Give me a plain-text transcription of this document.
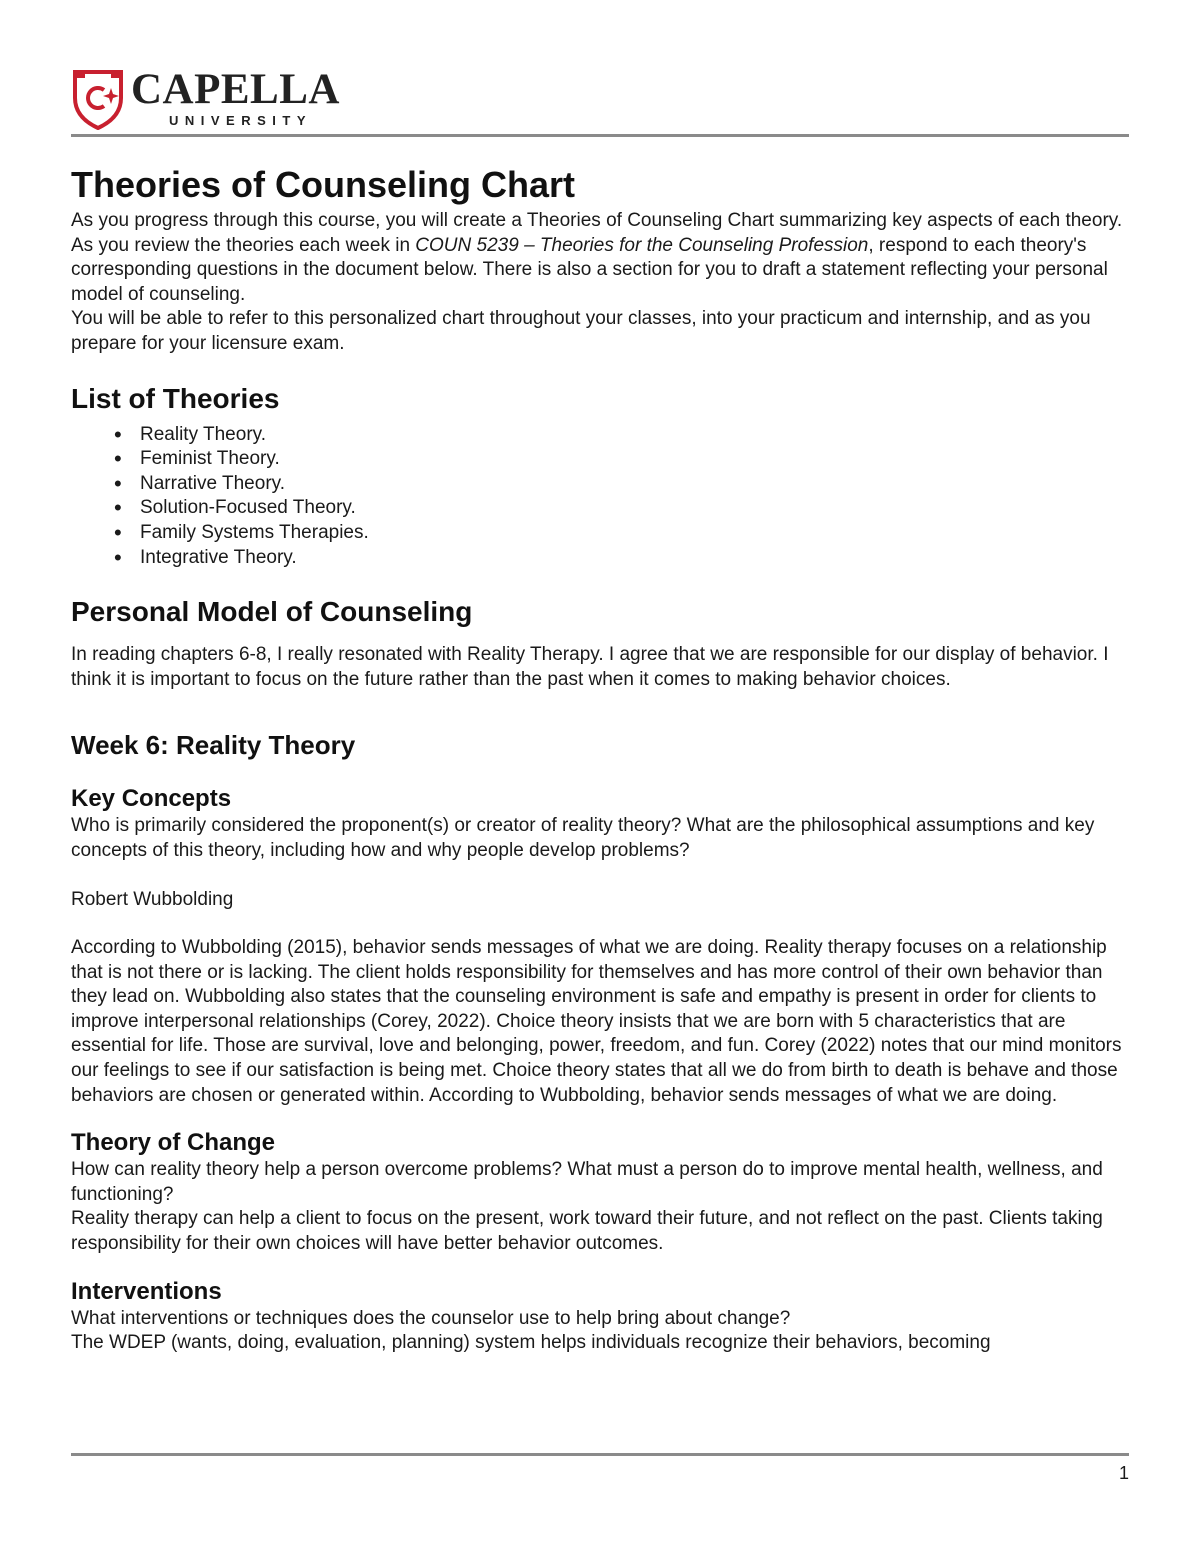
CAPELLA
UNIVERSITY
Theories of Counseling Chart

As you progress through this course, you will create a Theories of Counseling Chart summarizing key aspects of each theory. As you review the theories each week in COUN 5239 – Theories for the Counseling Profession, respond to each theory's corresponding questions in the document below. There is also a section for you to draft a statement reflecting your personal model of counseling.

You will be able to refer to this personalized chart throughout your classes, into your practicum and internship, and as you prepare for your licensure exam.

List of Theories
• Reality Theory.
• Feminist Theory.
• Narrative Theory.
• Solution-Focused Theory.
• Family Systems Therapies.
• Integrative Theory.
Personal Model of Counseling

In reading chapters 6-8, I really resonated with Reality Therapy. I agree that we are responsible for our display of behavior. I think it is important to focus on the future rather than the past when it comes to making behavior choices.

Week 6: Reality Theory
Key Concepts

Who is primarily considered the proponent(s) or creator of reality theory? What are the philosophical assumptions and key concepts of this theory, including how and why people develop problems?

Robert Wubbolding

According to Wubbolding (2015), behavior sends messages of what we are doing. Reality therapy focuses on a relationship that is not there or is lacking. The client holds responsibility for themselves and has more control of their own behavior than they lead on. Wubbolding also states that the counseling environment is safe and empathy is present in order for clients to improve interpersonal relationships (Corey, 2022). Choice theory insists that we are born with 5 characteristics that are essential for life. Those are survival, love and belonging, power, freedom, and fun. Corey (2022) notes that our mind monitors our feelings to see if our satisfaction is being met. Choice theory states that all we do from birth to death is behave and those behaviors are chosen or generated within. According to Wubbolding, behavior sends messages of what we are doing.

Theory of Change

How can reality theory help a person overcome problems? What must a person do to improve mental health, wellness, and functioning?

Reality therapy can help a client to focus on the present, work toward their future, and not reflect on the past. Clients taking responsibility for their own choices will have better behavior outcomes.

Interventions

What interventions or techniques does the counselor use to help bring about change?

The WDEP (wants, doing, evaluation, planning) system helps individuals recognize their behaviors, becoming

1
